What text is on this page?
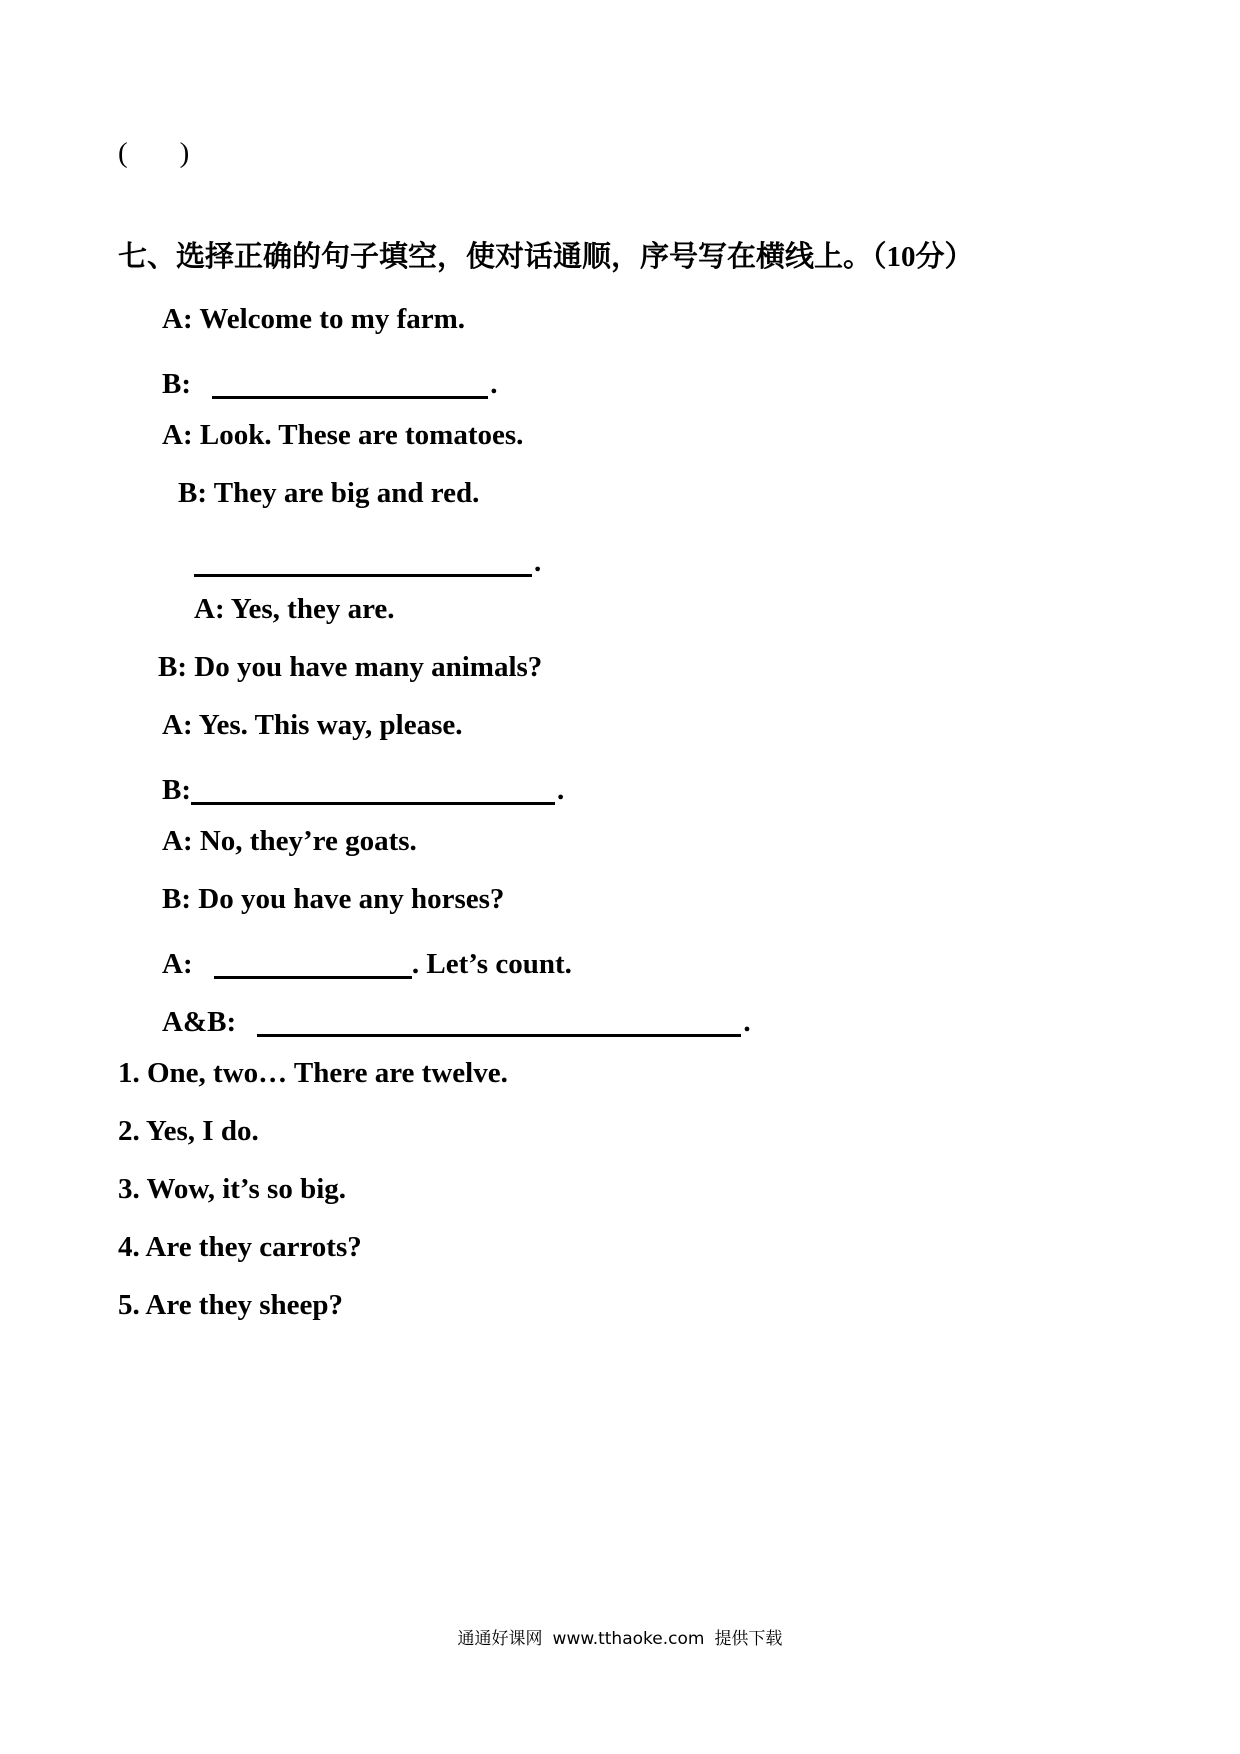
( )
七、选择正确的句子填空，使对话通顺，序号写在横线上。（10分）
A: Welcome to my farm.
B:	.
A: Look. These are tomatoes.
B: They are big and red.
.
A: Yes, they are.
B: Do you have many animals?
A: Yes. This way, please.
B:	.
A: No, they’re goats.
B: Do you have any horses?
A:	. Let’s count.
A&B:	.
1. One, two… There are twelve.
2. Yes, I do.
3. Wow, it’s so big.
4. Are they carrots?
5. Are they sheep?
通通好课网 www.tthaoke.com 提供下载
